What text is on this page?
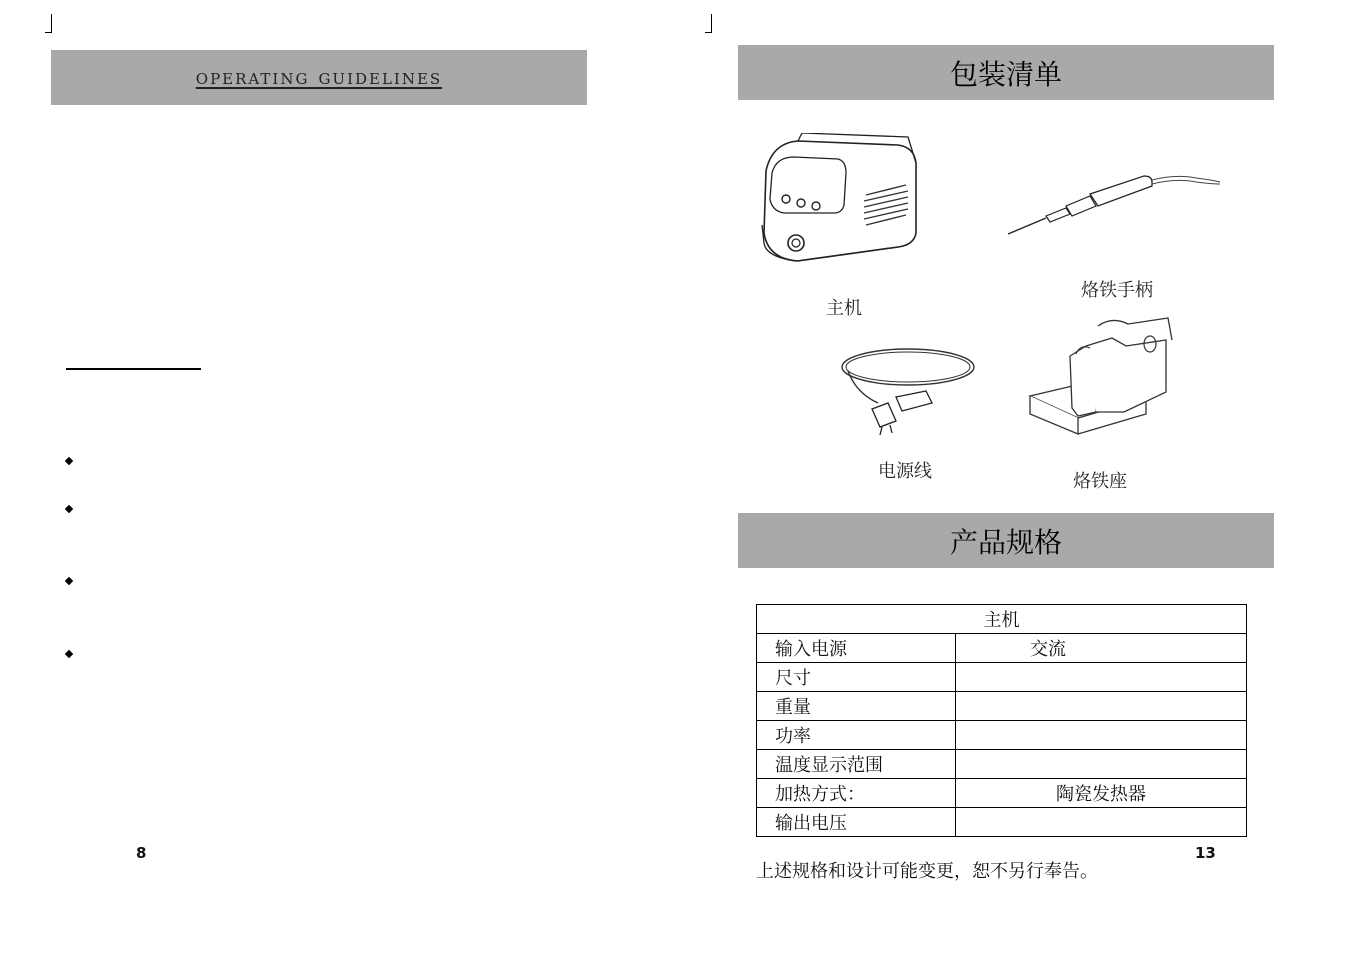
operating guidelines
8
包装清单
主机
烙铁手柄
电源线	烙铁座
产品规格
主机	
输入电源	交流
尺寸	
重量	
功率	
温度显示范围	
加热方式：	陶瓷发热器
输出电压	
13
上述规格和设计可能变更，恕不另行奉告。
